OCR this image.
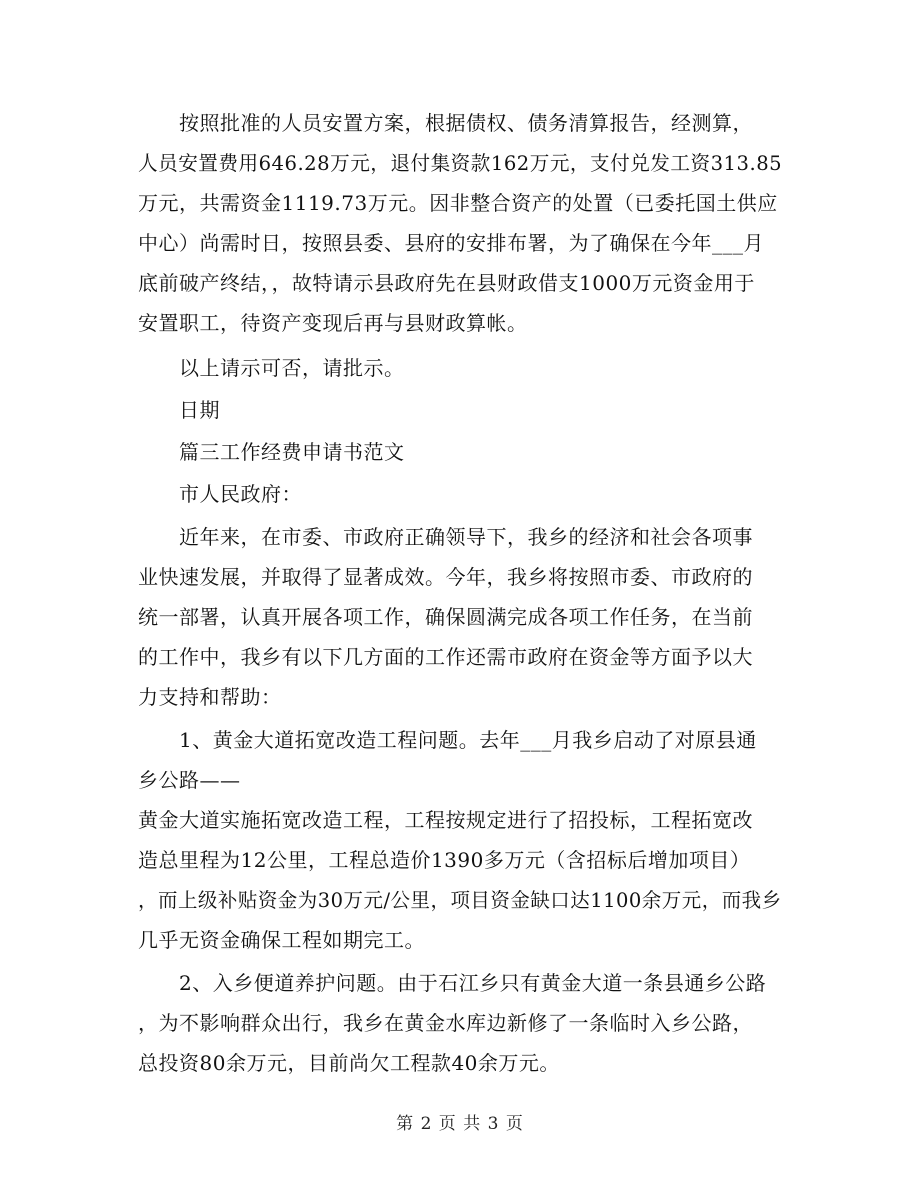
按照批准的人员安置方案，根据债权、债务清算报告，经测算，
人员安置费用646.28万元，退付集资款162万元，支付兑发工资313.85
万元，共需资金1119.73万元。因非整合资产的处置（已委托国土供应
中心）尚需时日，按照县委、县府的安排布署，为了确保在今年___月
底前破产终结，，故特请示县政府先在县财政借支1000万元资金用于
安置职工，待资产变现后再与县财政算帐。
以上请示可否，请批示。
日期
篇三工作经费申请书范文
市人民政府：
近年来，在市委、市政府正确领导下，我乡的经济和社会各项事
业快速发展，并取得了显著成效。今年，我乡将按照市委、市政府的
统一部署，认真开展各项工作，确保圆满完成各项工作任务，在当前
的工作中，我乡有以下几方面的工作还需市政府在资金等方面予以大
力支持和帮助：
1、黄金大道拓宽改造工程问题。去年___月我乡启动了对原县通
乡公路——
黄金大道实施拓宽改造工程，工程按规定进行了招投标，工程拓宽改
造总里程为12公里，工程总造价1390多万元（含招标后增加项目）
，而上级补贴资金为30万元/公里，项目资金缺口达1100余万元，而我乡
几乎无资金确保工程如期完工。
2、入乡便道养护问题。由于石江乡只有黄金大道一条县通乡公路
，为不影响群众出行，我乡在黄金水库边新修了一条临时入乡公路，
总投资80余万元，目前尚欠工程款40余万元。
第 2 页 共 3 页
